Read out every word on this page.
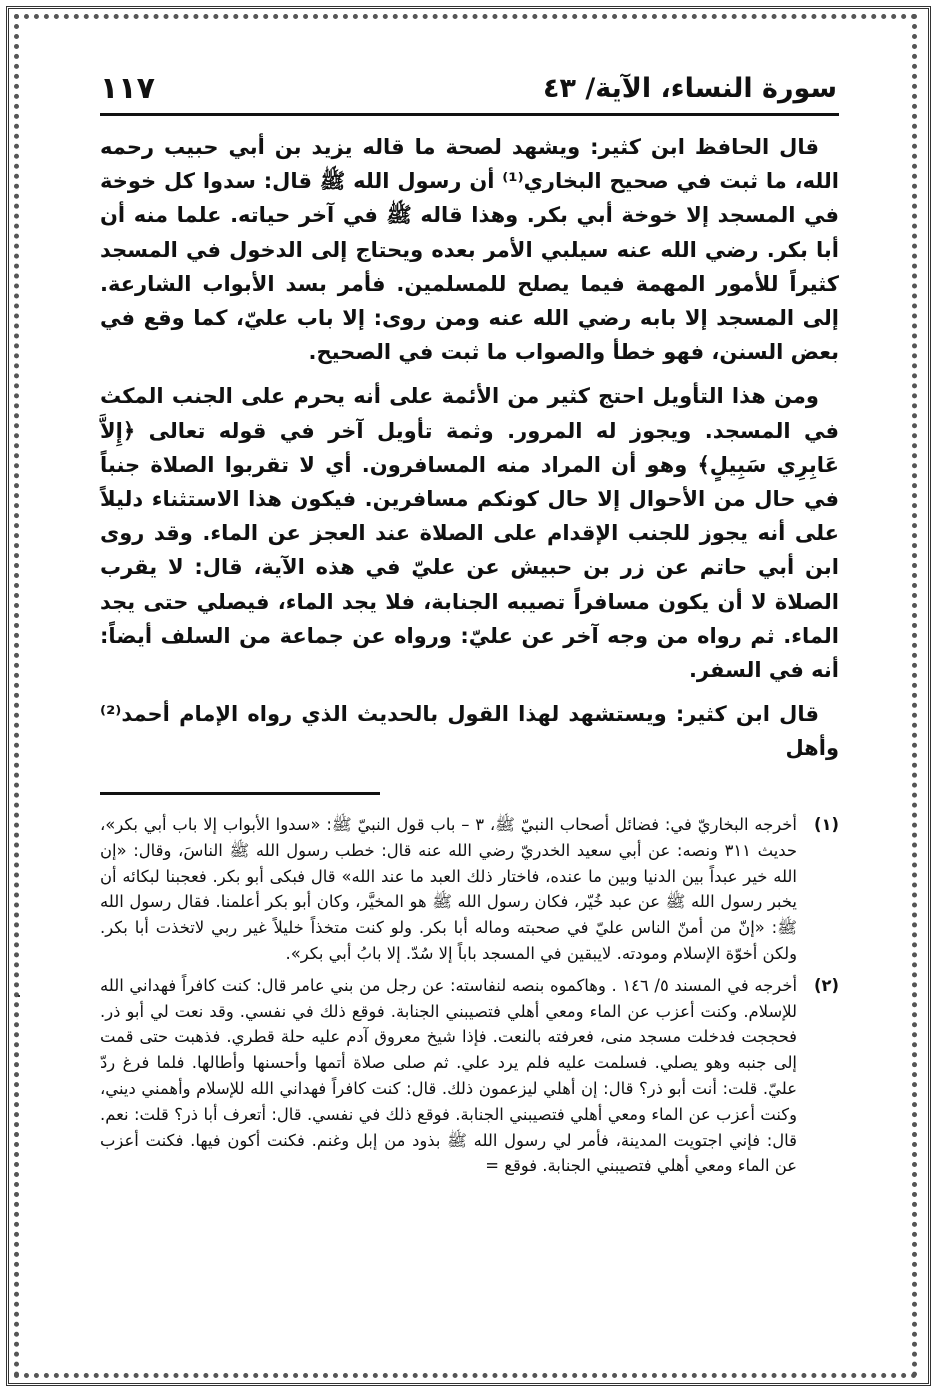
سورة النساء، الآية/ ٤٣
١١٧

قال الحافظ ابن كثير: ويشهد لصحة ما قاله يزيد بن أبي حبيب رحمه الله، ما ثبت في صحيح البخاري⁽¹⁾ أن رسول الله ﷺ قال: سدوا كل خوخة في المسجد إلا خوخة أبي بكر. وهذا قاله ﷺ في آخر حياته. علما منه أن أبا بكر. رضي الله عنه سيلبي الأمر بعده ويحتاج إلى الدخول في المسجد كثيراً للأمور المهمة فيما يصلح للمسلمين. فأمر بسد الأبواب الشارعة. إلى المسجد إلا بابه رضي الله عنه ومن روى: إلا باب عليّ، كما وقع في بعض السنن، فهو خطأ والصواب ما ثبت في الصحيح.

ومن هذا التأويل احتج كثير من الأئمة على أنه يحرم على الجنب المكث في المسجد. ويجوز له المرور. وثمة تأويل آخر في قوله تعالى ﴿إِلاَّ عَابِرِي سَبِيلٍ﴾ وهو أن المراد منه المسافرون. أي لا تقربوا الصلاة جنباً في حال من الأحوال إلا حال كونكم مسافرين. فيكون هذا الاستثناء دليلاً على أنه يجوز للجنب الإقدام على الصلاة عند العجز عن الماء. وقد روى ابن أبي حاتم عن زر بن حبيش عن عليّ في هذه الآية، قال: لا يقرب الصلاة لا أن يكون مسافراً تصيبه الجنابة، فلا يجد الماء، فيصلي حتى يجد الماء. ثم رواه من وجه آخر عن عليّ: ورواه عن جماعة من السلف أيضاً: أنه في السفر.

قال ابن كثير: ويستشهد لهذا القول بالحديث الذي رواه الإمام أحمد⁽²⁾ وأهل

(١)
أخرجه البخاريّ في: فضائل أصحاب النبيّ ﷺ، ٣ – باب قول النبيّ ﷺ: «سدوا الأبواب إلا باب أبي بكر»، حديث ٣١١ ونصه: عن أبي سعيد الخدريّ رضي الله عنه قال: خطب رسول الله ﷺ الناسَ، وقال: «إن الله خير عبداً بين الدنيا وبين ما عنده، فاختار ذلك العبد ما عند الله» قال فبكى أبو بكر. فعجبنا لبكائه أن يخبر رسول الله ﷺ عن عبد خُيّر، فكان رسول الله ﷺ هو المخيَّر، وكان أبو بكر أعلمنا. فقال رسول الله ﷺ: «إنّ من أمنّ الناس عليّ في صحبته وماله أبا بكر. ولو كنت متخذاً خليلاً غير ربي لاتخذت أبا بكر. ولكن أخوّة الإسلام ومودته. لايبقين في المسجد باباً إلا سُدّ. إلا بابُ أبي بكر».
(٢)
أخرجه في المسند ٥/ ١٤٦ . وهاكموه بنصه لنفاسته: عن رجل من بني عامر قال: كنت كافراً فهداني الله للإسلام. وكنت أعزب عن الماء ومعي أهلي فتصيبني الجنابة. فوقع ذلك في نفسي. وقد نعت لي أبو ذر. فحججت فدخلت مسجد منى، فعرفته بالنعت. فإذا شيخ معروق آدم عليه حلة قطري. فذهبت حتى قمت إلى جنبه وهو يصلي. فسلمت عليه فلم يرد علي. ثم صلى صلاة أتمها وأحسنها وأطالها. فلما فرغ ردّ عليّ. قلت: أنت أبو ذر؟ قال: إن أهلي ليزعمون ذلك. قال: كنت كافراً فهداني الله للإسلام وأهمني ديني، وكنت أعزب عن الماء ومعي أهلي فتصيبني الجنابة. فوقع ذلك في نفسي. قال: أتعرف أبا ذر؟ قلت: نعم. قال: فإني اجتويت المدينة، فأمر لي رسول الله ﷺ بذود من إبل وغنم. فكنت أكون فيها. فكنت أعزب عن الماء ومعي أهلي فتصيبني الجنابة. فوقع =
